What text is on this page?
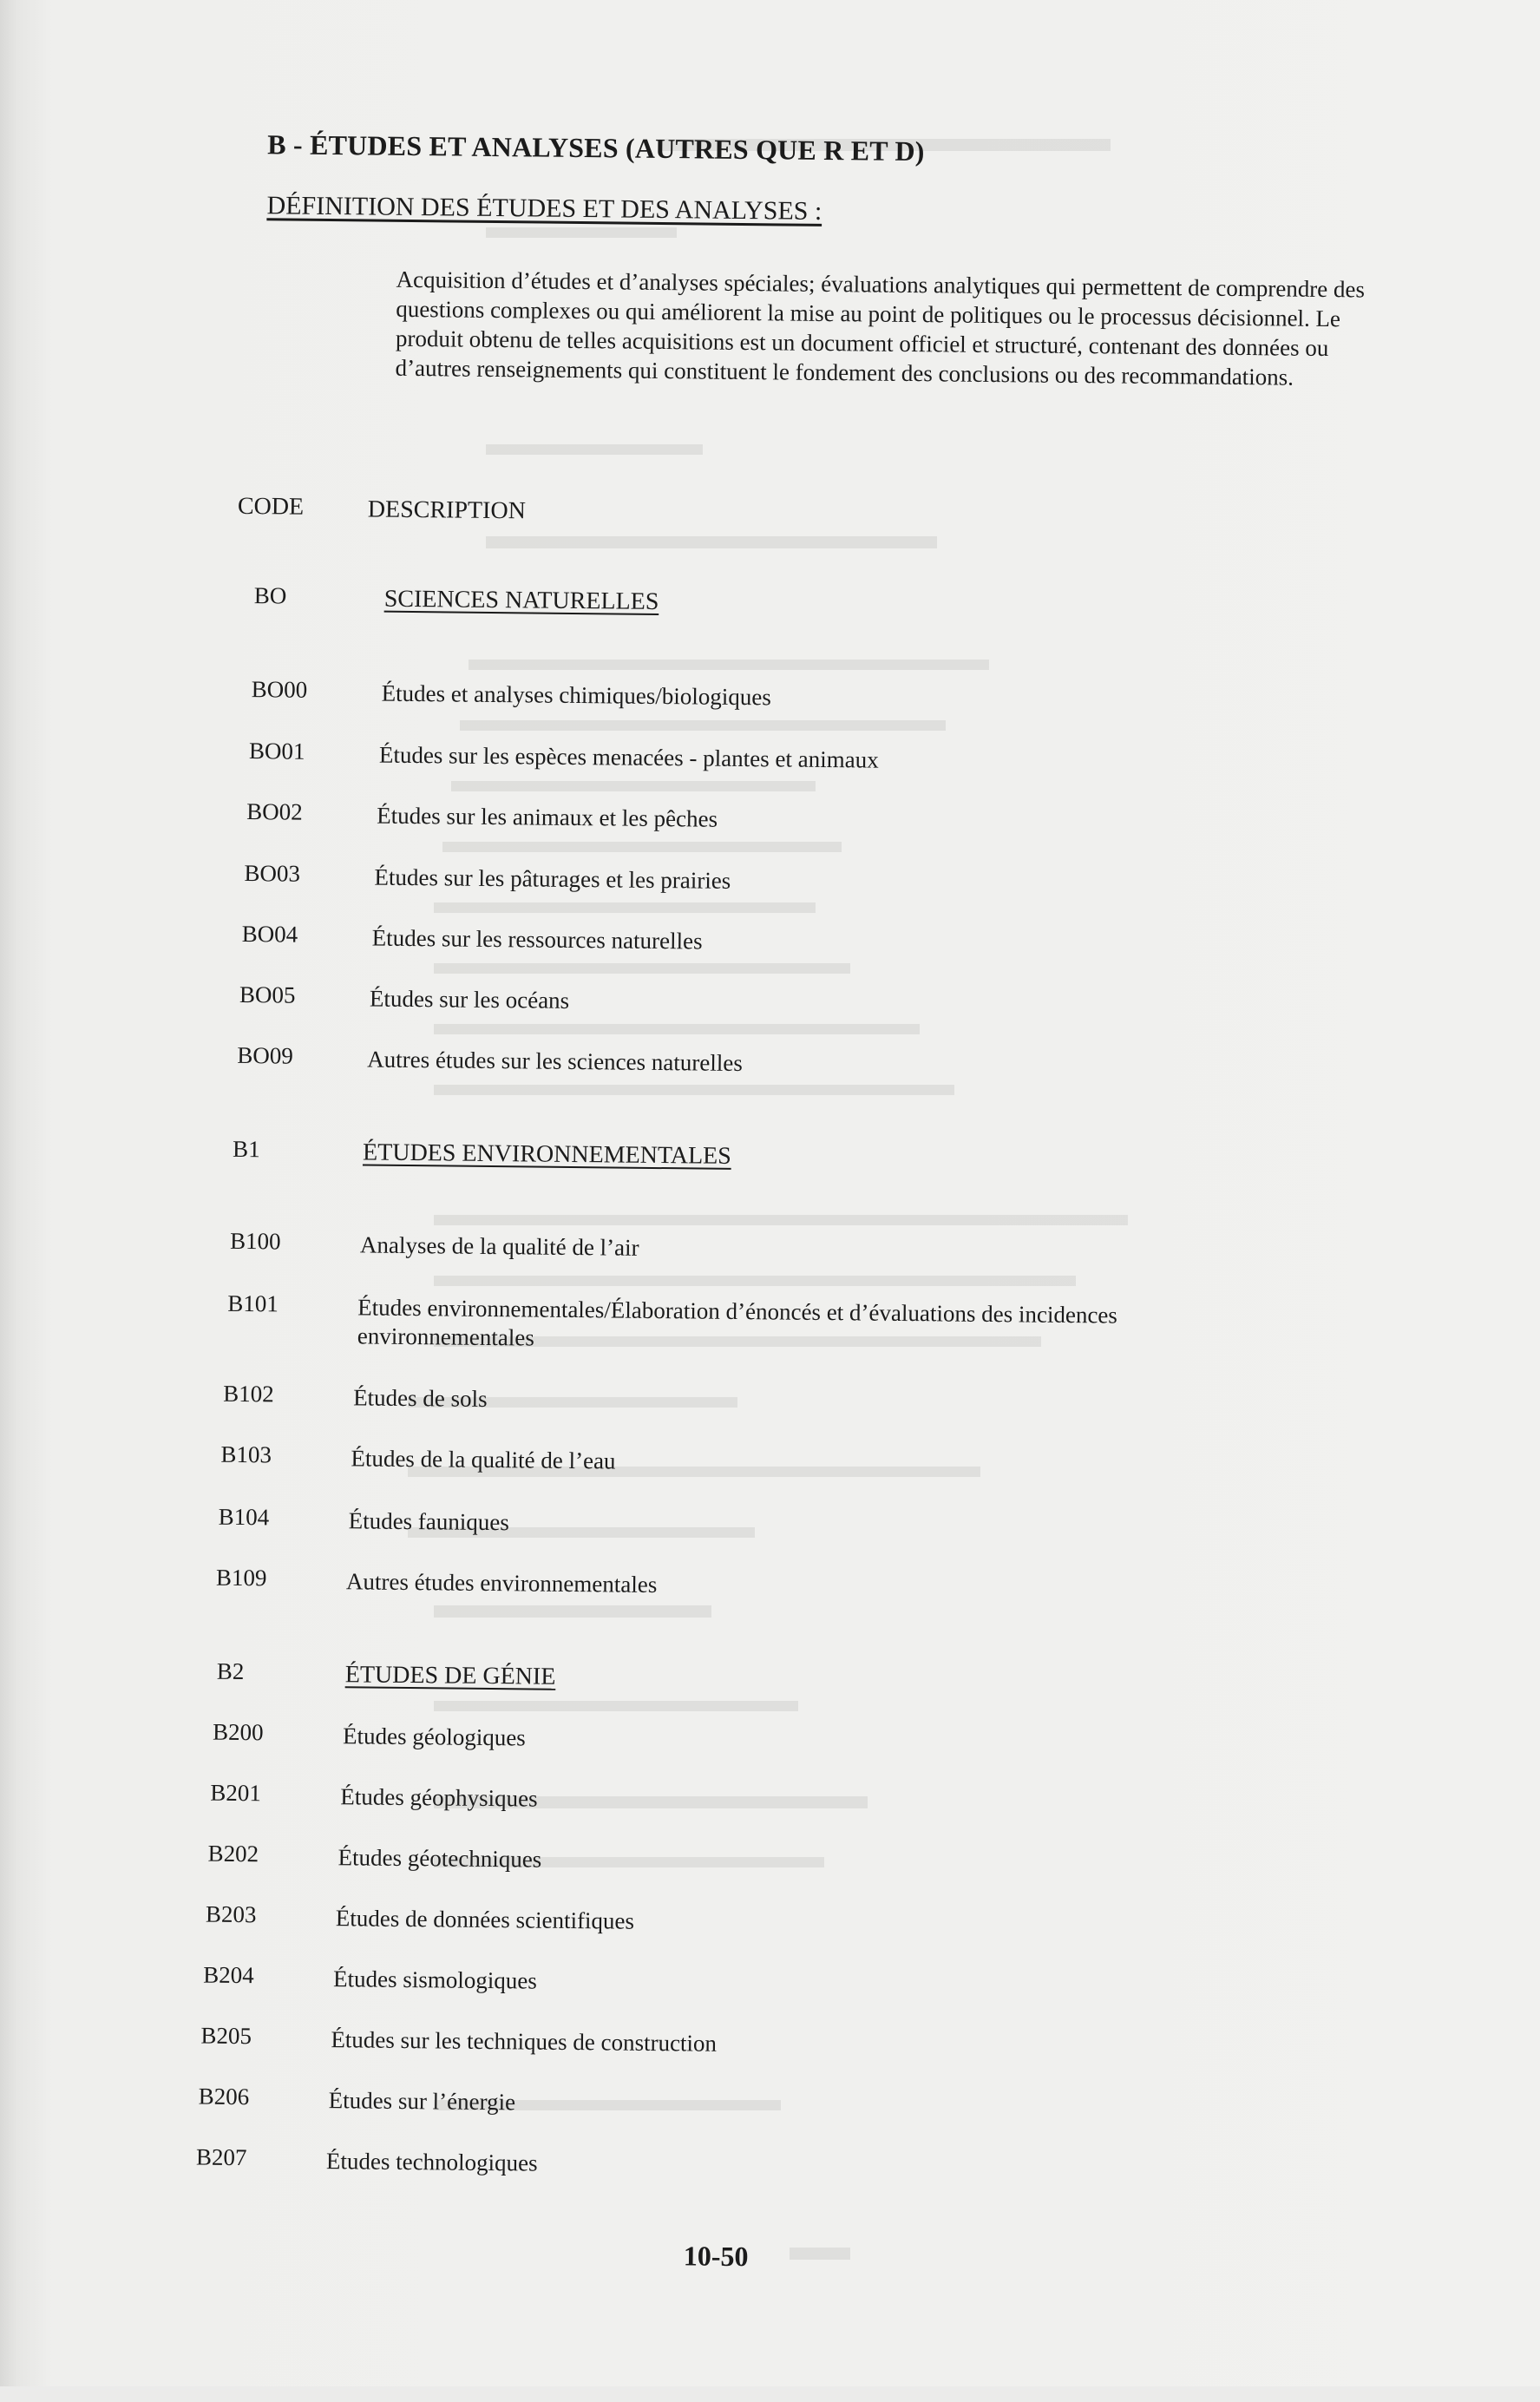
B - ÉTUDES ET ANALYSES (AUTRES QUE R ET D)
DÉFINITION DES ÉTUDES ET DES ANALYSES :
Acquisition d’études et d’analyses spéciales; évaluations analytiques qui permettent de comprendre des questions complexes ou qui améliorent la mise au point de politiques ou le processus décisionnel. Le produit obtenu de telles acquisitions est un document officiel et structuré, contenant des données ou d’autres renseignements qui constituent le fondement des conclusions ou des recommandations.
CODE	DESCRIPTION
BO	SCIENCES NATURELLES
BO00	Études et analyses chimiques/biologiques
BO01	Études sur les espèces menacées - plantes et animaux
BO02	Études sur les animaux et les pêches
BO03	Études sur les pâturages et les prairies
BO04	Études sur les ressources naturelles
BO05	Études sur les océans
BO09	Autres études sur les sciences naturelles
B1	ÉTUDES ENVIRONNEMENTALES
B100	Analyses de la qualité de l’air
B101	Études environnementales/Élaboration d’énoncés et d’évaluations des incidences environnementales
B102	Études de sols
B103	Études de la qualité de l’eau
B104	Études fauniques
B109	Autres études environnementales
B2	ÉTUDES DE GÉNIE
B200	Études géologiques
B201	Études géophysiques
B202	Études géotechniques
B203	Études de données scientifiques
B204	Études sismologiques
B205	Études sur les techniques de construction
B206	Études sur l’énergie
B207	Études technologiques
10-50
